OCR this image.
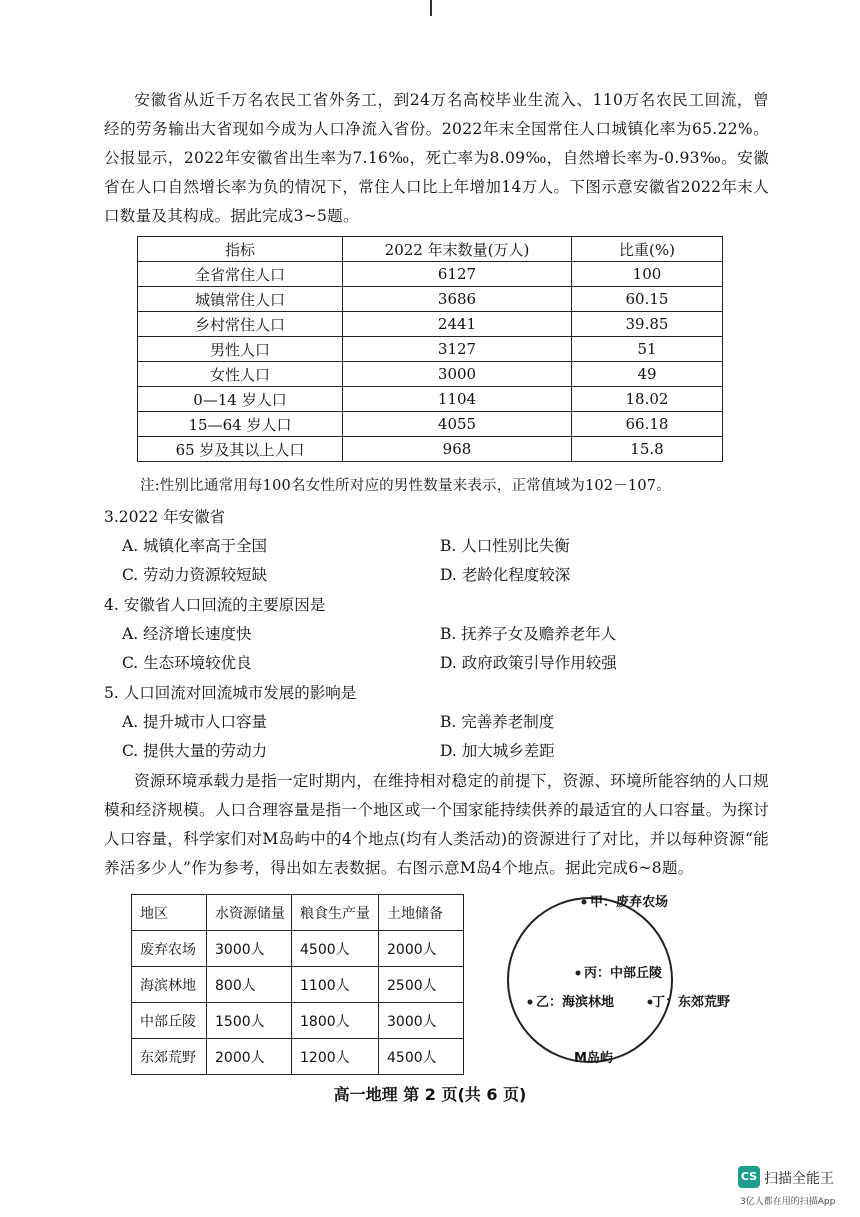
安徽省从近千万名农民工省外务工，到24万名高校毕业生流入、110万名农民工回流，曾经的劳务输出大省现如今成为人口净流入省份。2022年末全国常住人口城镇化率为65.22%。公报显示，2022年安徽省出生率为7.16‰，死亡率为8.09‰，自然增长率为-0.93‰。安徽省在人口自然增长率为负的情况下，常住人口比上年增加14万人。下图示意安徽省2022年末人口数量及其构成。据此完成3~5题。
指标	2022 年末数量(万人)	比重(%)
全省常住人口	6127	100
城镇常住人口	3686	60.15
乡村常住人口	2441	39.85
男性人口	3127	51
女性人口	3000	49
0—14 岁人口	1104	18.02
15—64 岁人口	4055	66.18
65 岁及其以上人口	968	15.8
注:性别比通常用每100名女性所对应的男性数量来表示，正常值域为102－107。
3.2022 年安徽省
A. 城镇化率高于全国	B. 人口性别比失衡
C. 劳动力资源较短缺	D. 老龄化程度较深
4. 安徽省人口回流的主要原因是
A. 经济增长速度快	B. 抚养子女及赡养老年人
C. 生态环境较优良	D. 政府政策引导作用较强
5. 人口回流对回流城市发展的影响是
A. 提升城市人口容量	B. 完善养老制度
C. 提供大量的劳动力	D. 加大城乡差距
资源环境承载力是指一定时期内，在维持相对稳定的前提下，资源、环境所能容纳的人口规模和经济规模。人口合理容量是指一个地区或一个国家能持续供养的最适宜的人口容量。为探讨人口容量，科学家们对M岛屿中的4个地点(均有人类活动)的资源进行了对比，并以每种资源“能养活多少人”作为参考，得出如左表数据。右图示意M岛4个地点。据此完成6~8题。
地区	水资源储量	粮食生产量	土地储备
废弃农场	3000人	4500人	2000人
海滨林地	800人	1100人	2500人
中部丘陵	1500人	1800人	3000人
东郊荒野	2000人	1200人	4500人
甲：废弃农场
丙：中部丘陵
乙：海滨林地	丁：东郊荒野
M岛屿
高一地理 第 2 页(共 6 页)
CS 扫描全能王
3亿人都在用的扫描App
